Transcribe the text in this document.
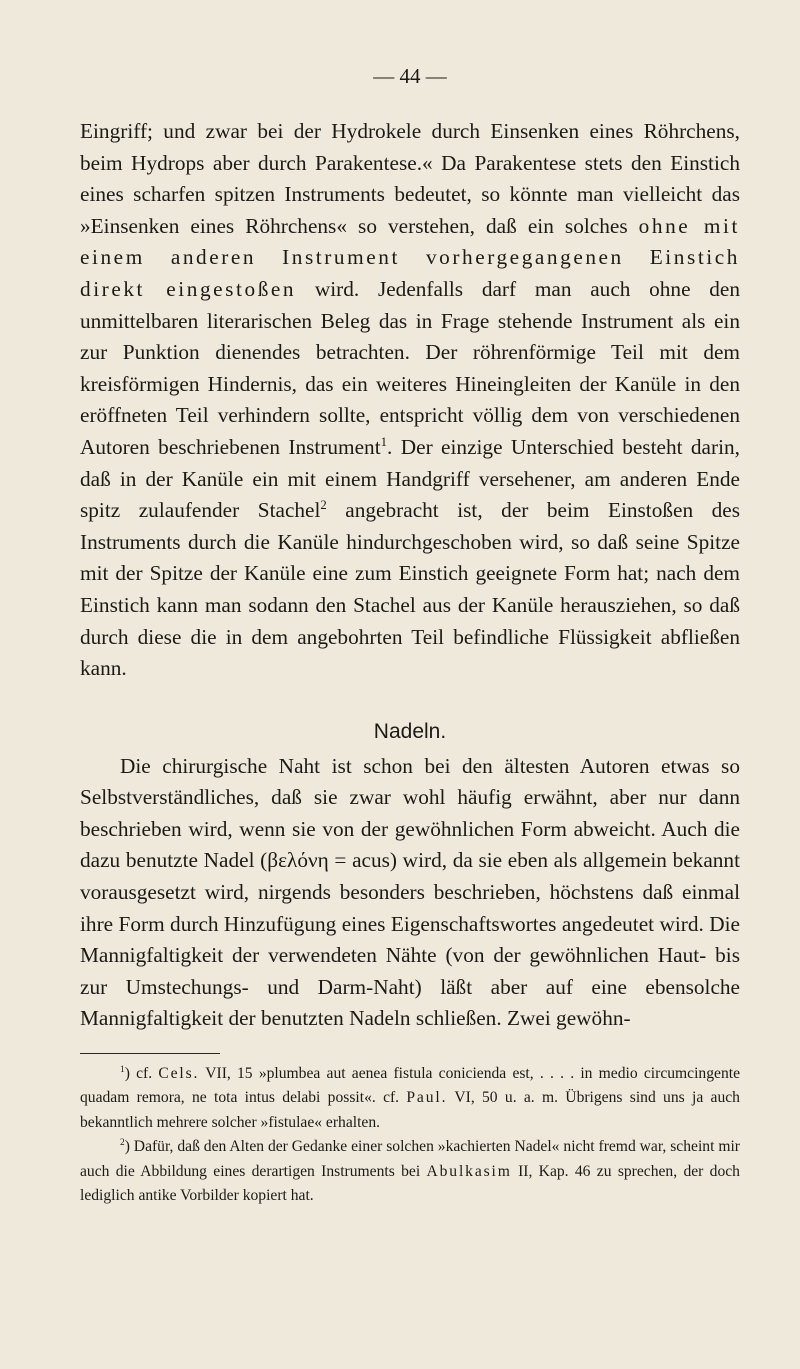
— 44 —

Eingriff; und zwar bei der Hydrokele durch Einsenken eines Röhrchens, beim Hydrops aber durch Parakentese.« Da Parakentese stets den Einstich eines scharfen spitzen Instruments bedeutet, so könnte man vielleicht das »Einsenken eines Röhrchens« so verstehen, daß ein solches ohne mit einem anderen Instrument vorhergegangenen Einstich direkt eingestoßen wird. Jedenfalls darf man auch ohne den unmittelbaren literarischen Beleg das in Frage stehende Instrument als ein zur Punktion dienendes betrachten. Der röhrenförmige Teil mit dem kreisförmigen Hindernis, das ein weiteres Hineingleiten der Kanüle in den eröffneten Teil verhindern sollte, entspricht völlig dem von verschiedenen Autoren beschriebenen Instrument$^1$. Der einzige Unterschied besteht darin, daß in der Kanüle ein mit einem Handgriff versehener, am anderen Ende spitz zulaufender Stachel$^2$ angebracht ist, der beim Einstoßen des Instruments durch die Kanüle hindurchgeschoben wird, so daß seine Spitze mit der Spitze der Kanüle eine zum Einstich geeignete Form hat; nach dem Einstich kann man sodann den Stachel aus der Kanüle herausziehen, so daß durch diese die in dem angebohrten Teil befindliche Flüssigkeit abfließen kann.

Nadeln.

Die chirurgische Naht ist schon bei den ältesten Autoren etwas so Selbstverständliches, daß sie zwar wohl häufig erwähnt, aber nur dann beschrieben wird, wenn sie von der gewöhnlichen Form abweicht. Auch die dazu benutzte Nadel (βελόνη = acus) wird, da sie eben als allgemein bekannt vorausgesetzt wird, nirgends besonders beschrieben, höchstens daß einmal ihre Form durch Hinzufügung eines Eigenschaftswortes angedeutet wird. Die Mannigfaltigkeit der verwendeten Nähte (von der gewöhnlichen Haut- bis zur Umstechungs- und Darm-Naht) läßt aber auf eine ebensolche Mannigfaltigkeit der benutzten Nadeln schließen. Zwei gewöhn-

$^1$) cf. Cels. VII, 15 »plumbea aut aenea fistula conicienda est, . . . . in medio circumcingente quadam remora, ne tota intus delabi possit«. cf. Paul. VI, 50 u. a. m. Übrigens sind uns ja auch bekanntlich mehrere solcher »fistulae« erhalten.

$^2$) Dafür, daß den Alten der Gedanke einer solchen »kachierten Nadel« nicht fremd war, scheint mir auch die Abbildung eines derartigen Instruments bei Abulkasim II, Kap. 46 zu sprechen, der doch lediglich antike Vorbilder kopiert hat.
